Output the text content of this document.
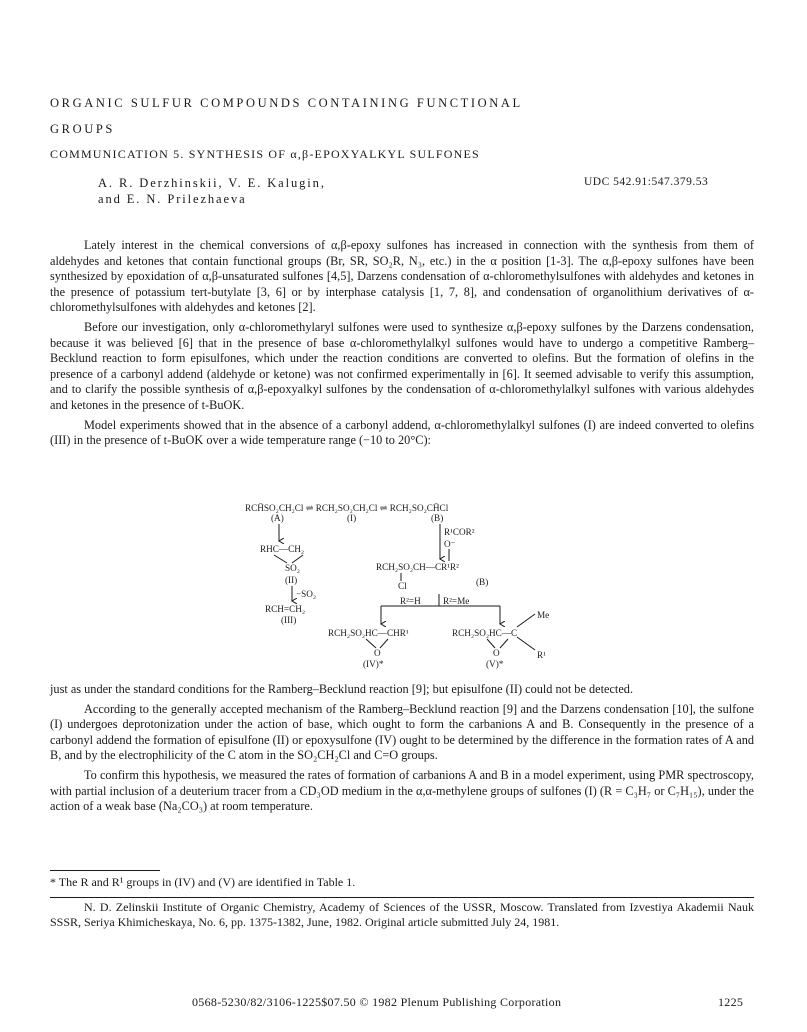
ORGANIC SULFUR COMPOUNDS CONTAINING FUNCTIONAL
GROUPS
COMMUNICATION 5. SYNTHESIS OF α,β-EPOXYALKYL SULFONES
A. R. Derzhinskii, V. E. Kalugin,
and E. N. Prilezhaeva
UDC 542.91:547.379.53

Lately interest in the chemical conversions of α,β-epoxy sulfones has increased in connection with the synthesis from them of aldehydes and ketones that contain functional groups (Br, SR, SO₂R, N₃, etc.) in the α position [1-3]. The α,β-epoxy sulfones have been synthesized by epoxidation of α,β-unsaturated sulfones [4,5], Darzens condensation of α-chloromethylsulfones with aldehydes and ketones in the presence of potassium tert-butylate [3, 6] or by interphase catalysis [1, 7, 8], and condensation of organolithium derivatives of α-chloromethylsulfones with aldehydes and ketones [2].

Before our investigation, only α-chloromethylaryl sulfones were used to synthesize α,β-epoxy sulfones by the Darzens condensation, because it was believed [6] that in the presence of base α-chloromethylalkyl sulfones would have to undergo a competitive Ramberg–Becklund reaction to form episulfones, which under the reaction conditions are converted to olefins. But the formation of olefins in the presence of a carbonyl addend (aldehyde or ketone) was not confirmed experimentally in [6]. It seemed advisable to verify this assumption, and to clarify the possible synthesis of α,β-epoxyalkyl sulfones by the condensation of α-chloromethylalkyl sulfones with various aldehydes and ketones in the presence of t-BuOK.

Model experiments showed that in the absence of a carbonyl addend, α-chloromethylalkyl sulfones (I) are indeed converted to olefins (III) in the presence of t-BuOK over a wide temperature range (−10 to 20°C):

RCH̄SO₂CH₂Cl ⇌ RCH₂SO₂CH₂Cl ⇌ RCH₂SO₂CH̄Cl
(A)	(I)	(B)
R¹COR²
O⁻
RHC—CH₂
SO₂
(II)
−SO₂
RCH₂SO₂CH—CR¹R²
Cl	(B)
R²=H R²=Me
RCH=CH₂
(III)
RCH₂SO₂HC—CHR¹
O
(IV)*
RCH₂SO₂HC—C
Me
R¹
O
(V)*

just as under the standard conditions for the Ramberg–Becklund reaction [9]; but episulfone (II) could not be detected.

According to the generally accepted mechanism of the Ramberg–Becklund reaction [9] and the Darzens condensation [10], the sulfone (I) undergoes deprotonization under the action of base, which ought to form the carbanions A and B. Consequently in the presence of a carbonyl addend the formation of episulfone (II) or epoxysulfone (IV) ought to be determined by the difference in the formation rates of A and B, and by the electrophilicity of the C atom in the SO₂CH₂Cl and C=O groups.

To confirm this hypothesis, we measured the rates of formation of carbanions A and B in a model experiment, using PMR spectroscopy, with partial inclusion of a deuterium tracer from a CD₃OD medium in the α,α-methylene groups of sulfones (I) (R = C₃H₇ or C₇H₁₅), under the action of a weak base (Na₂CO₃) at room temperature.

* The R and R¹ groups in (IV) and (V) are identified in Table 1.
N. D. Zelinskii Institute of Organic Chemistry, Academy of Sciences of the USSR, Moscow. Translated from Izvestiya Akademii Nauk SSSR, Seriya Khimicheskaya, No. 6, pp. 1375-1382, June, 1982. Original article submitted July 24, 1981.
0568-5230/82/3106-1225$07.50 © 1982 Plenum Publishing Corporation	1225
